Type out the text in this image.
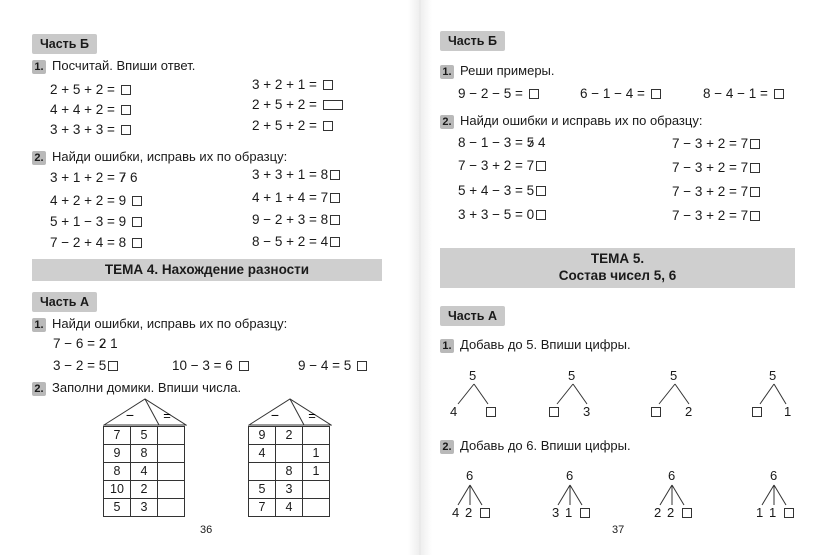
Часть Б
1. Посчитай. Впиши ответ.
2 + 5 + 2 =
4 + 4 + 2 =
3 + 3 + 3 =
3 + 2 + 1 =
2 + 5 + 2 =
2 + 5 + 2 =
2. Найди ошибки, исправь их по образцу:
3 + 1 + 2 = 7 6
4 + 2 + 2 = 9
5 + 1 − 3 = 9
7 − 2 + 4 = 8
3 + 3 + 1 = 8
4 + 1 + 4 = 7
9 − 2 + 3 = 8
8 − 5 + 2 = 4
ТЕМА 4. Нахождение разности
Часть А
1. Найди ошибки, исправь их по образцу:
7 − 6 = 2 1
3 − 2 = 5	10 − 3 = 6	9 − 4 = 5
2. Заполни домики. Впиши числа.
− =
7	5	
9	8	
8	4	
10	2	
5	3	
− =
9	2	
4		1
	8	1
5	3	
7	4	
36
Часть Б
1. Реши примеры.
9 − 2 − 5 =	6 − 1 − 4 =	8 − 4 − 1 =
2. Найди ошибки и исправь их по образцу:
8 − 1 − 3 = 5 4
7 − 3 + 2 = 7
5 + 4 − 3 = 5
3 + 3 − 5 = 0
7 − 3 + 2 = 7
7 − 3 + 2 = 7
7 − 3 + 2 = 7
7 − 3 + 2 = 7
ТЕМА 5.
Состав чисел 5, 6
Часть А
1. Добавь до 5. Впиши цифры.
5
4
5
3
5
2
5
1
2. Добавь до 6. Впиши цифры.
6
4 2
6
3 1
6
2 2
6
1 1
37
